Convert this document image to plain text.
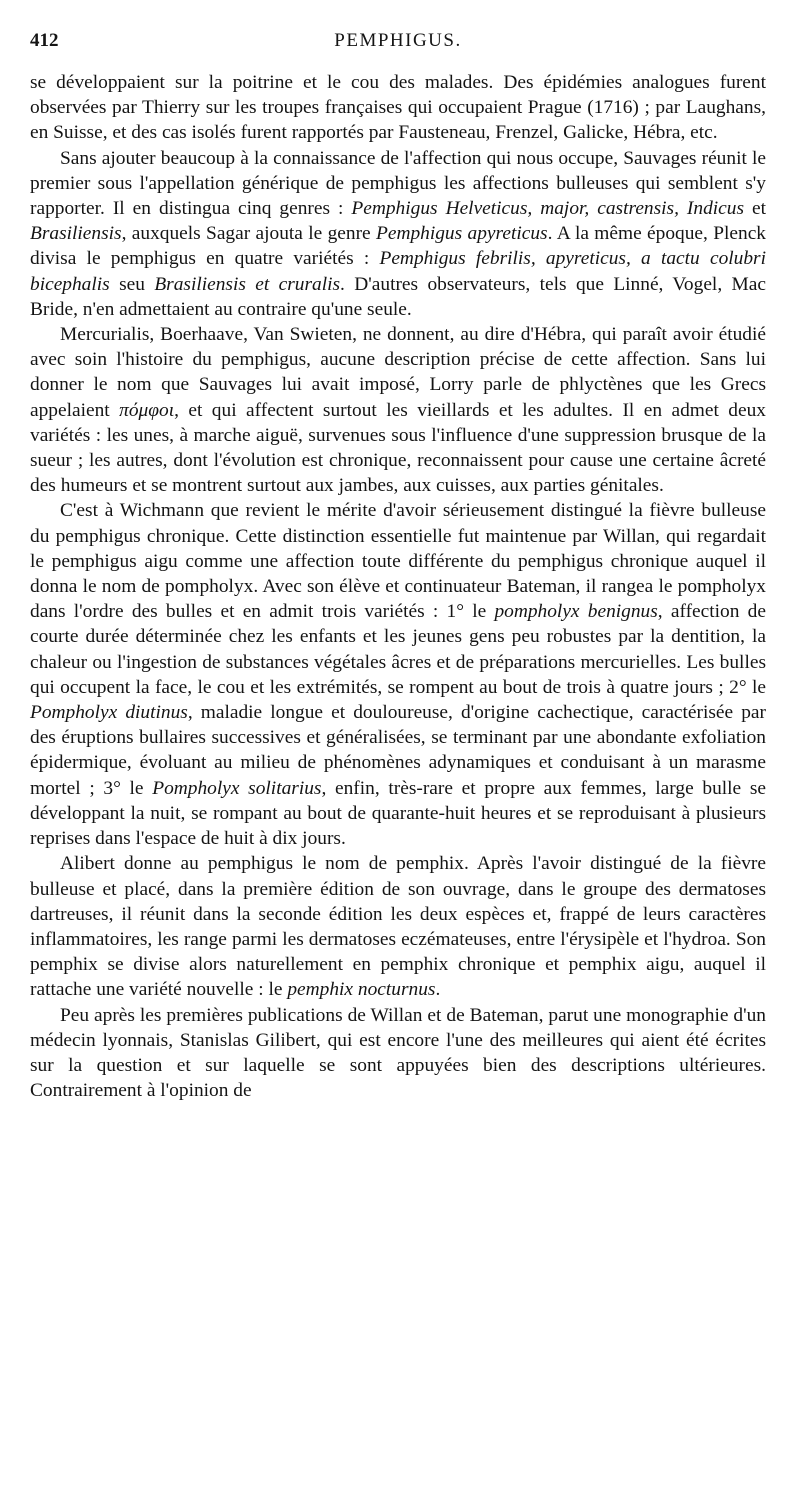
412	PEMPHIGUS.

se développaient sur la poitrine et le cou des malades. Des épidémies analogues furent observées par Thierry sur les troupes françaises qui occupaient Prague (1716) ; par Laughans, en Suisse, et des cas isolés furent rapportés par Fausteneau, Frenzel, Galicke, Hébra, etc.

Sans ajouter beaucoup à la connaissance de l'affection qui nous occupe, Sauvages réunit le premier sous l'appellation générique de pemphigus les affections bulleuses qui semblent s'y rapporter. Il en distingua cinq genres : Pemphigus Helveticus, major, castrensis, Indicus et Brasiliensis, auxquels Sagar ajouta le genre Pemphigus apyreticus. A la même époque, Plenck divisa le pemphigus en quatre variétés : Pemphigus febrilis, apyreticus, a tactu colubri bicephalis seu Brasiliensis et cruralis. D'autres observateurs, tels que Linné, Vogel, Mac Bride, n'en admettaient au contraire qu'une seule.

Mercurialis, Boerhaave, Van Swieten, ne donnent, au dire d'Hébra, qui paraît avoir étudié avec soin l'histoire du pemphigus, aucune description précise de cette affection. Sans lui donner le nom que Sauvages lui avait imposé, Lorry parle de phlyctènes que les Grecs appelaient πόμφοι, et qui affectent surtout les vieillards et les adultes. Il en admet deux variétés : les unes, à marche aiguë, survenues sous l'influence d'une suppression brusque de la sueur ; les autres, dont l'évolution est chronique, reconnaissent pour cause une certaine âcreté des humeurs et se montrent surtout aux jambes, aux cuisses, aux parties génitales.

C'est à Wichmann que revient le mérite d'avoir sérieusement distingué la fièvre bulleuse du pemphigus chronique. Cette distinction essentielle fut maintenue par Willan, qui regardait le pemphigus aigu comme une affection toute différente du pemphigus chronique auquel il donna le nom de pompholyx. Avec son élève et continuateur Bateman, il rangea le pompholyx dans l'ordre des bulles et en admit trois variétés : 1° le pompholyx benignus, affection de courte durée déterminée chez les enfants et les jeunes gens peu robustes par la dentition, la chaleur ou l'ingestion de substances végétales âcres et de préparations mercurielles. Les bulles qui occupent la face, le cou et les extrémités, se rompent au bout de trois à quatre jours ; 2° le Pompholyx diutinus, maladie longue et douloureuse, d'origine cachectique, caractérisée par des éruptions bullaires successives et généralisées, se terminant par une abondante exfoliation épidermique, évoluant au milieu de phénomènes adynamiques et conduisant à un marasme mortel ; 3° le Pompholyx solitarius, enfin, très-rare et propre aux femmes, large bulle se développant la nuit, se rompant au bout de quarante-huit heures et se reproduisant à plusieurs reprises dans l'espace de huit à dix jours.

Alibert donne au pemphigus le nom de pemphix. Après l'avoir distingué de la fièvre bulleuse et placé, dans la première édition de son ouvrage, dans le groupe des dermatoses dartreuses, il réunit dans la seconde édition les deux espèces et, frappé de leurs caractères inflammatoires, les range parmi les dermatoses eczémateuses, entre l'érysipèle et l'hydroa. Son pemphix se divise alors naturellement en pemphix chronique et pemphix aigu, auquel il rattache une variété nouvelle : le pemphix nocturnus.

Peu après les premières publications de Willan et de Bateman, parut une monographie d'un médecin lyonnais, Stanislas Gilibert, qui est encore l'une des meilleures qui aient été écrites sur la question et sur laquelle se sont appuyées bien des descriptions ultérieures. Contrairement à l'opinion de
